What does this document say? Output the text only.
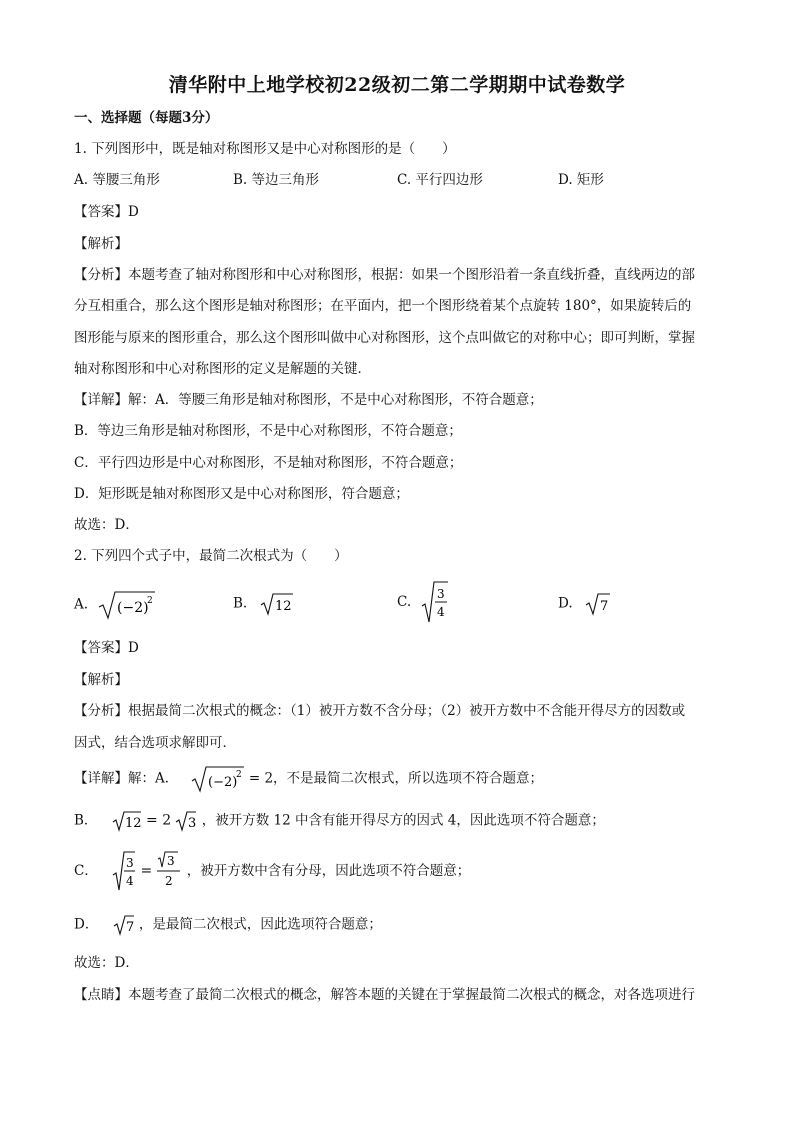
清华附中上地学校初22级初二第二学期期中试卷数学
一、选择题（每题3分）
1. 下列图形中，既是轴对称图形又是中心对称图形的是（　　）
A. 等腰三角形	B. 等边三角形	C. 平行四边形	D. 矩形
【答案】D
【解析】
【分析】本题考查了轴对称图形和中心对称图形，根据：如果一个图形沿着一条直线折叠，直线两边的部
分互相重合，那么这个图形是轴对称图形；在平面内，把一个图形绕着某个点旋转 180°，如果旋转后的
图形能与原来的图形重合，那么这个图形叫做中心对称图形，这个点叫做它的对称中心；即可判断，掌握
轴对称图形和中心对称图形的定义是解题的关键．
【详解】解：A．等腰三角形是轴对称图形，不是中心对称图形，不符合题意；
B．等边三角形是轴对称图形，不是中心对称图形，不符合题意；
C．平行四边形是中心对称图形，不是轴对称图形，不符合题意；
D．矩形既是轴对称图形又是中心对称图形，符合题意；
故选：D．
2. 下列四个式子中，最简二次根式为（　　）
A. (−2)
2	B. 12	C. 3
4
D. 7
【答案】D
【解析】
【分析】根据最简二次根式的概念：（1）被开方数不含分母；（2）被开方数中不含能开得尽方的因数或
因式，结合选项求解即可．
【详解】解：A． (−2)
2 = 2，不是最简二次根式，所以选项不符合题意；
B． 12 = 2 3 ，被开方数 12 中含有能开得尽方的因式 4，因此选项不符合题意；
C． 3
4
=
3
2
，被开方数中含有分母，因此选项不符合题意；
D． 7 ，是最简二次根式，因此选项符合题意；
故选：D．
【点睛】本题考查了最简二次根式的概念，解答本题的关键在于掌握最简二次根式的概念，对各选项进行
